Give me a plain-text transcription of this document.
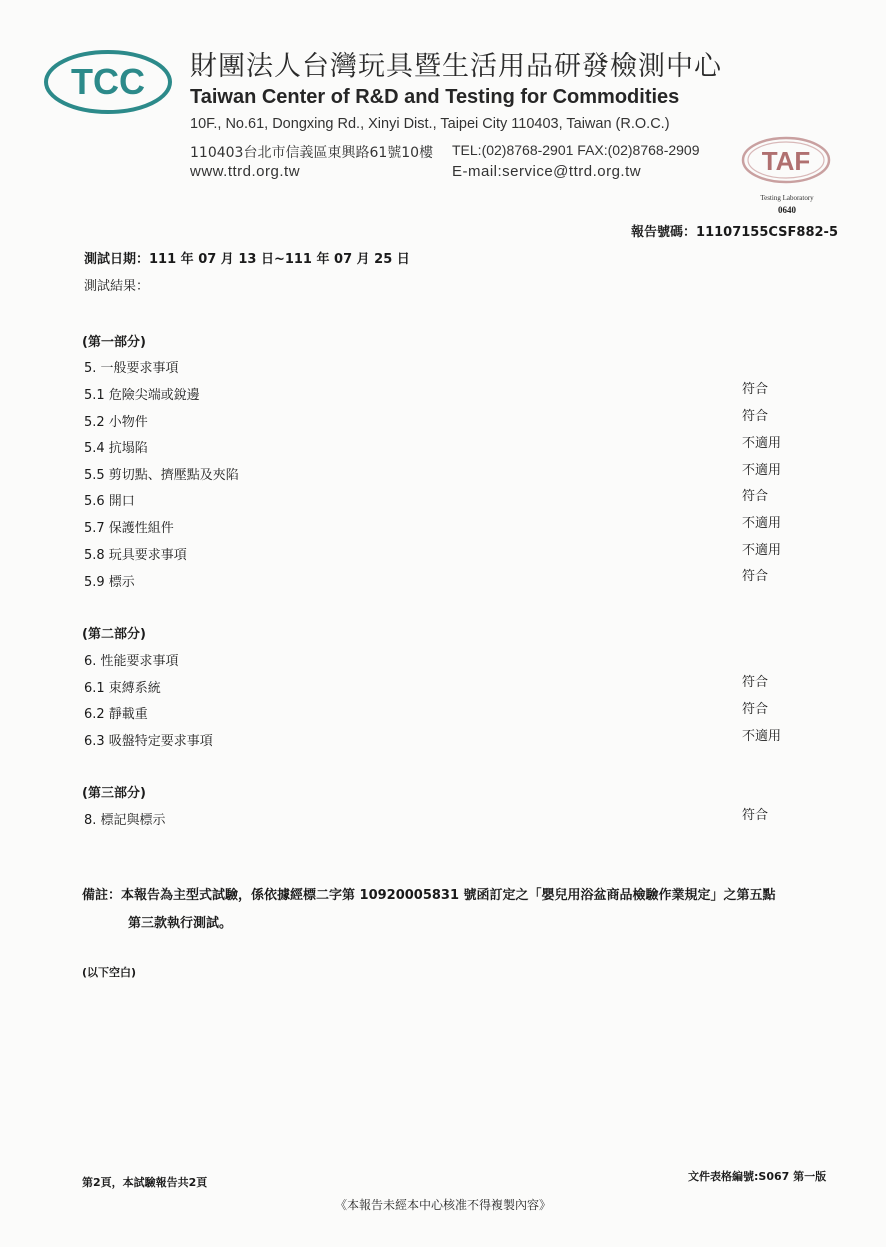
TCC 財團法人台灣玩具暨生活用品研發檢測中心
Taiwan Center of R&D and Testing for Commodities
10F., No.61, Dongxing Rd., Xinyi Dist., Taipei City 110403, Taiwan (R.O.C.)
110403台北市信義區東興路61號10樓 TEL:(02)8768-2901 FAX:(02)8768-2909
www.ttrd.org.tw	E-mail:service@ttrd.org.tw	TAF
Testing Laboratory
0640
報告號碼：11107155CSF882-5
測試日期：111 年 07 月 13 日~111 年 07 月 25 日
測試結果：
(第一部分)
5. 一般要求事項
5.1 危險尖端或銳邊	符合
5.2 小物件	符合
5.4 抗塌陷	不適用
5.5 剪切點、擠壓點及夾陷	不適用
5.6 開口	符合
5.7 保護性組件	不適用
5.8 玩具要求事項	不適用
5.9 標示	符合
(第二部分)
6. 性能要求事項
6.1 束縛系統	符合
6.2 靜載重	符合
6.3 吸盤特定要求事項	不適用
(第三部分)
8. 標記與標示	符合
備註：本報告為主型式試驗，係依據經標二字第 10920005831 號函訂定之「嬰兒用浴盆商品檢驗作業規定」之第五點
第三款執行測試。
(以下空白)
第2頁，本試驗報告共2頁	文件表格編號:S067 第一版
《本報告未經本中心核准不得複製內容》
